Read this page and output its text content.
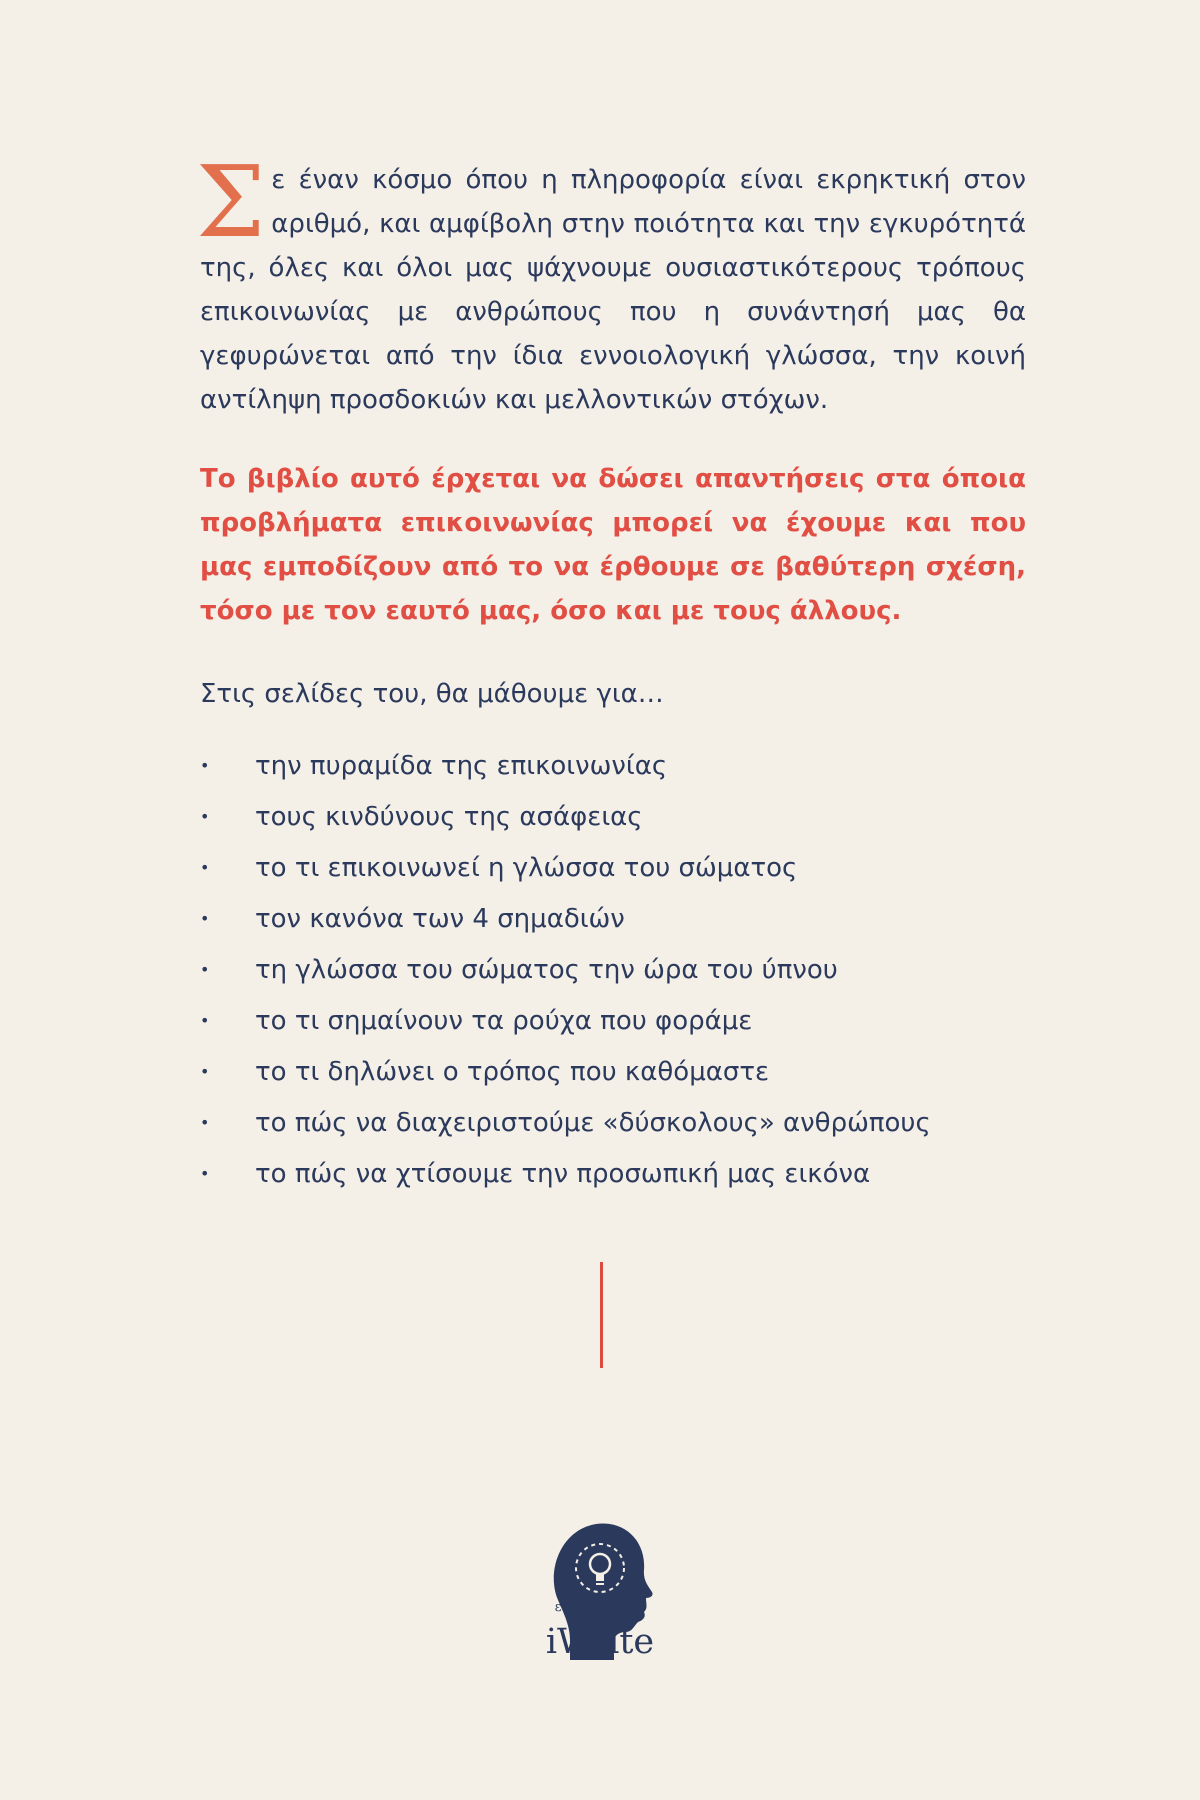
Σ ε έναν κόσμο όπου η πληροφορία είναι εκρηκτική στον αριθμό, και αμφίβολη στην ποιότητα και την εγκυρότητά της, όλες και όλοι μας ψάχνουμε ουσιαστικότερους τρόπους επικοινωνίας με ανθρώπους που η συνάντησή μας θα γεφυρώνεται από την ίδια εννοιολογική γλώσσα, την κοινή αντίληψη προσδοκιών και μελλοντικών στόχων.

Το βιβλίο αυτό έρχεται να δώσει απαντήσεις στα όποια προβλήματα επικοινωνίας μπορεί να έχουμε και που μας εμποδίζουν από το να έρθουμε σε βαθύτερη σχέση, τόσο με τον εαυτό μας, όσο και με τους άλλους.

Στις σελίδες του, θα μάθουμε για…

•	την πυραμίδα της επικοινωνίας
•	τους κινδύνους της ασάφειας
•	το τι επικοινωνεί η γλώσσα του σώματος
•	τον κανόνα των 4 σημαδιών
•	τη γλώσσα του σώματος την ώρα του ύπνου
•	το τι σημαίνουν τα ρούχα που φοράμε
•	το τι δηλώνει ο τρόπος που καθόμαστε
•	το πώς να διαχειριστούμε «δύσκολους» ανθρώπους
•	το πώς να χτίσουμε την προσωπική μας εικόνα
εκδόσεις
iWrite
